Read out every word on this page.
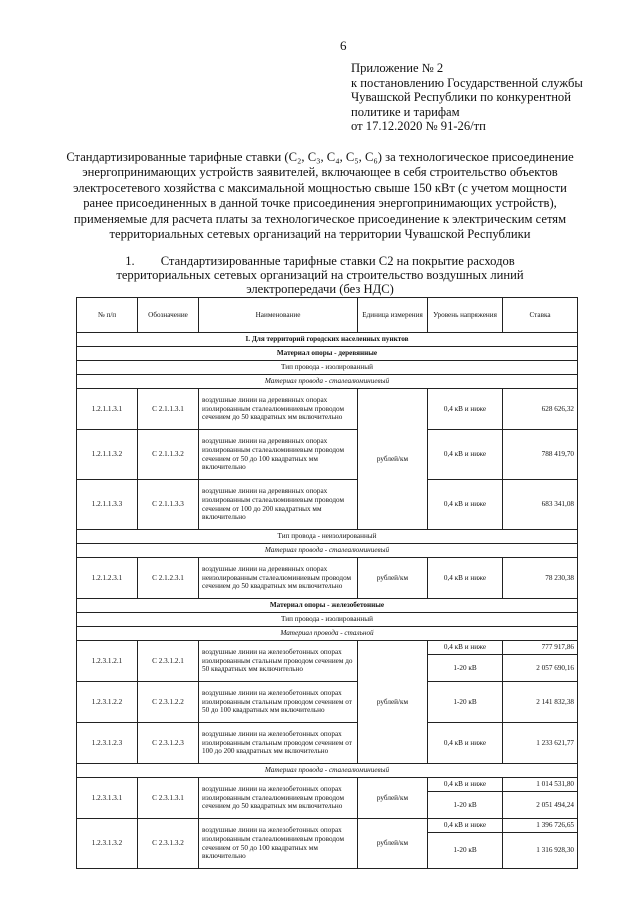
6
Приложение № 2
к постановлению Государственной службы
Чувашской Республики по конкурентной
политике и тарифам
от 17.12.2020 № 91-26/тп
Стандартизированные тарифные ставки (С₂, С₃, С₄, С₅, С₆) за технологическое присоединение
энергопринимающих устройств заявителей, включающее в себя строительство объектов
электросетевого хозяйства с максимальной мощностью свыше 150 кВт (с учетом мощности
ранее присоединенных в данной точке присоединения энергопринимающих устройств),
применяемые для расчета платы за технологическое присоединение к электрическим сетям
территориальных сетевых организаций на территории Чувашской Республики
1. Стандартизированные тарифные ставки С2 на покрытие расходов
территориальных сетевых организаций на строительство воздушных линий
электропередачи (без НДС)
№ п/п	Обозначение	Наименование	Единица измерения	Уровень напряжения	Ставка
I. Для территорий городских населенных пунктов					
Материал опоры - деревянные					
Тип провода - изолированный					
Материал провода - сталеалюминиевый					
1.2.1.1.3.1	С 2.1.1.3.1	воздушные линии на деревянных опорах изолированным сталеалюминиевым проводом сечением до 50 квадратных мм включительно	рублей/км	0,4 кВ и ниже	628 626,32
1.2.1.1.3.2	С 2.1.1.3.2	воздушные линии на деревянных опорах изолированным сталеалюминиевым проводом сечением от 50 до 100 квадратных мм включительно		0,4 кВ и ниже	788 419,70
1.2.1.1.3.3	С 2.1.1.3.3	воздушные линии на деревянных опорах изолированным сталеалюминиевым проводом сечением от 100 до 200 квадратных мм включительно		0,4 кВ и ниже	683 341,08
Тип провода - неизолированный					
Материал провода - сталеалюминиевый					
1.2.1.2.3.1	С 2.1.2.3.1	воздушные линии на деревянных опорах неизолированным сталеалюминиевым проводом сечением до 50 квадратных мм включительно	рублей/км	0,4 кВ и ниже	78 230,38
Материал опоры - железобетонные					
Тип провода - изолированный					
Материал провода - стальной					
1.2.3.1.2.1	С 2.3.1.2.1	воздушные линии на железобетонных опорах изолированным стальным проводом сечением до 50 квадратных мм включительно	рублей/км	0,4 кВ и ниже	777 917,86
				1-20 кВ	2 057 690,16
1.2.3.1.2.2	С 2.3.1.2.2	воздушные линии на железобетонных опорах изолированным стальным проводом сечением от 50 до 100 квадратных мм включительно		1-20 кВ	2 141 832,38
1.2.3.1.2.3	С 2.3.1.2.3	воздушные линии на железобетонных опорах изолированным стальным проводом сечением от 100 до 200 квадратных мм включительно		0,4 кВ и ниже	1 233 621,77
Материал провода - сталеалюминиевый					
1.2.3.1.3.1	С 2.3.1.3.1	воздушные линии на железобетонных опорах изолированным сталеалюминиевым проводом сечением до 50 квадратных мм включительно	рублей/км	0,4 кВ и ниже	1 014 531,80
				1-20 кВ	2 051 494,24
1.2.3.1.3.2	С 2.3.1.3.2	воздушные линии на железобетонных опорах изолированным сталеалюминиевым проводом сечением от 50 до 100 квадратных мм включительно	рублей/км	0,4 кВ и ниже	1 396 726,65
				1-20 кВ	1 316 928,30
